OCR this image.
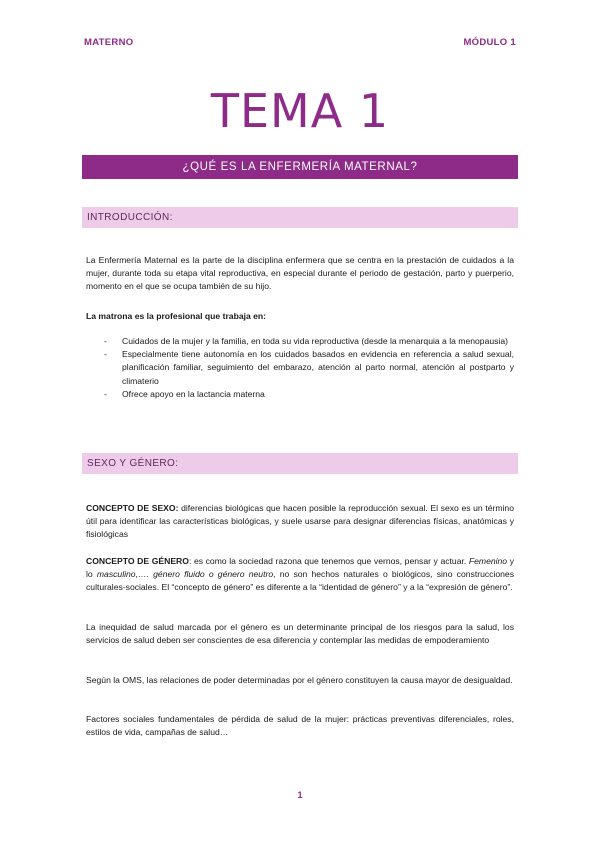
MATERNO	MÓDULO 1
TEMA 1
¿QUÉ ES LA ENFERMERÍA MATERNAL?
INTRODUCCIÓN:

La Enfermería Maternal es la parte de la disciplina enfermera que se centra en la prestación de cuidados a la mujer, durante toda su etapa vital reproductiva, en especial durante el periodo de gestación, parto y puerperio, momento en el que se ocupa también de su hijo.

La matrona es la profesional que trabaja en:

- Cuidados de la mujer y la familia, en toda su vida reproductiva (desde la menarquia a la menopausia)
- Especialmente tiene autonomía en los cuidados basados en evidencia en referencia a salud sexual, planificación familiar, seguimiento del embarazo, atención al parto normal, atención al postparto y climaterio
- Ofrece apoyo en la lactancia materna
SEXO Y GÉNERO:

CONCEPTO DE SEXO: diferencias biológicas que hacen posible la reproducción sexual. El sexo es un término útil para identificar las características biológicas, y suele usarse para designar diferencias físicas, anatómicas y fisiológicas

CONCEPTO DE GÉNERO: es como la sociedad razona que tenemos que vernos, pensar y actuar. Femenino y lo masculino,…. género fluido o género neutro, no son hechos naturales o biológicos, sino construcciones culturales-sociales. El “concepto de género” es diferente a la “identidad de género” y a la “expresión de género”.

La inequidad de salud marcada por el género es un determinante principal de los riesgos para la salud, los servicios de salud deben ser conscientes de esa diferencia y contemplar las medidas de empoderamiento

Según la OMS, las relaciones de poder determinadas por el género constituyen la causa mayor de desigualdad.

Factores sociales fundamentales de pérdida de salud de la mujer: prácticas preventivas diferenciales, roles, estilos de vida, campañas de salud…

1
